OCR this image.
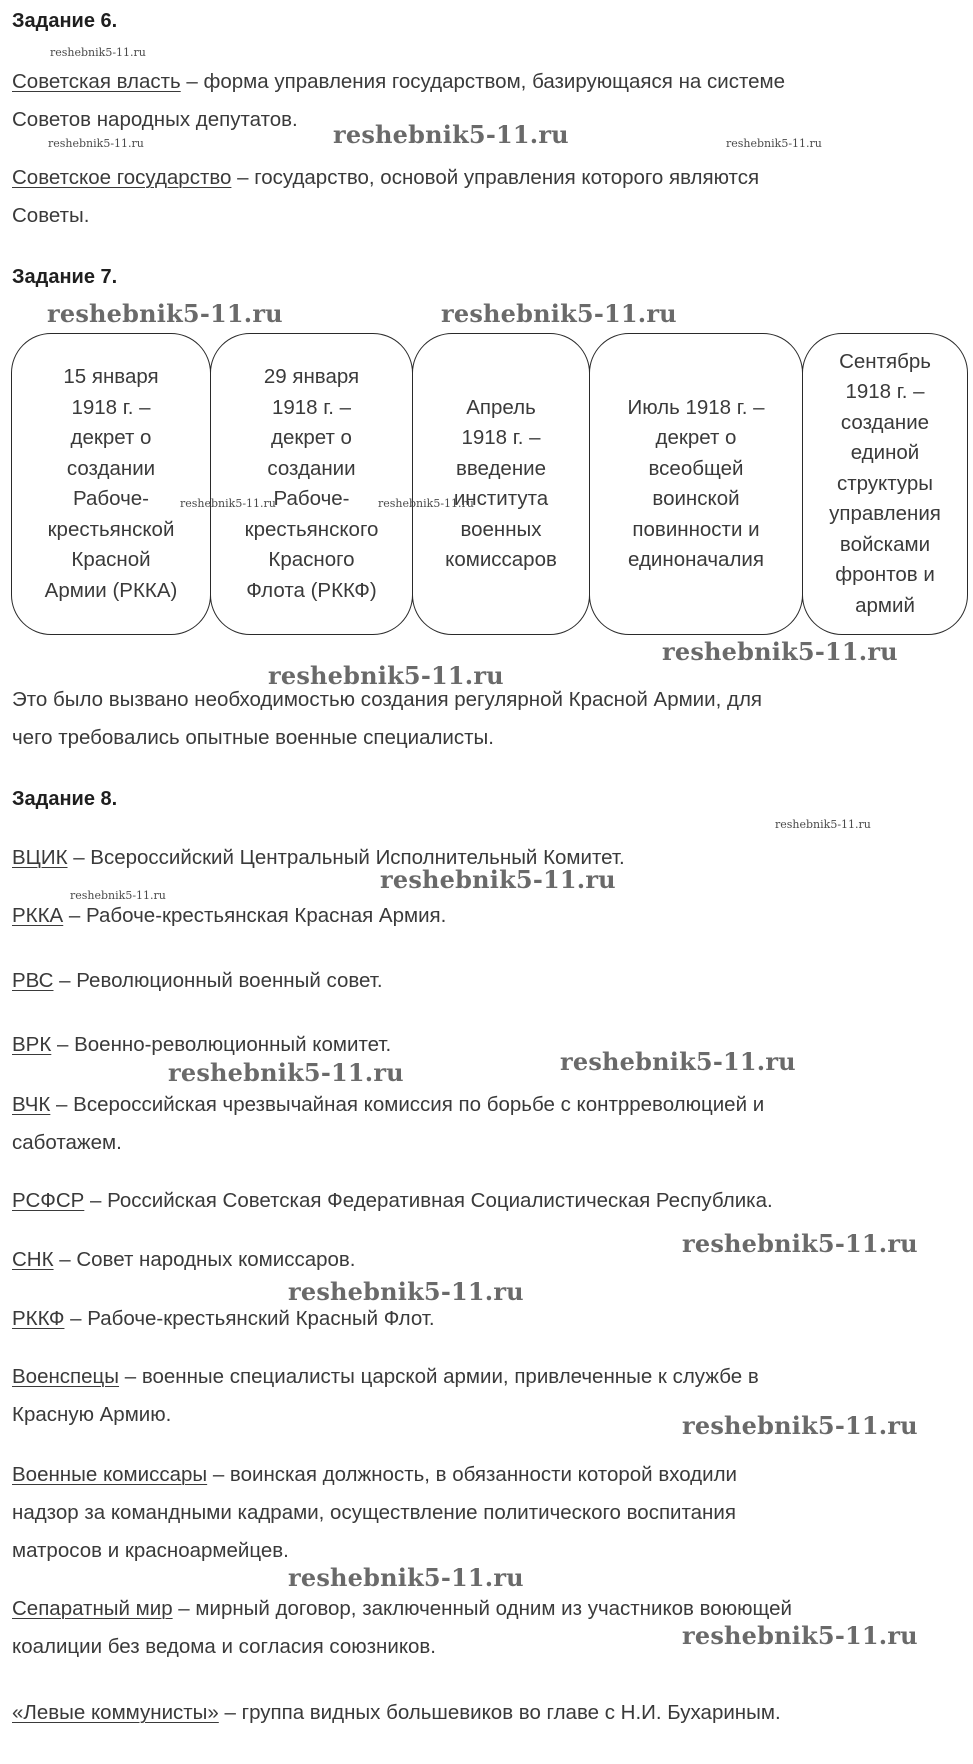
Задание 6.
Советская власть – форма управления государством, базирующаяся на системе
Советов народных депутатов.
Советское государство – государство, основой управления которого являются
Советы.
Задание 7.
15 января
1918 г. –
декрет о
создании
Рабоче-
крестьянской
Красной
Армии (РККА)
29 января
1918 г. –
декрет о
создании
Рабоче-
крестьянского
Красного
Флота (РККФ)
Апрель
1918 г. –
введение
института
военных
комиссаров
Июль 1918 г. –
декрет о
всеобщей
воинской
повинности и
единоначалия
Сентябрь
1918 г. –
создание
единой
структуры
управления
войсками
фронтов и
армий
Это было вызвано необходимостью создания регулярной Красной Армии, для
чего требовались опытные военные специалисты.
Задание 8.
ВЦИК – Всероссийский Центральный Исполнительный Комитет.
РККА – Рабоче-крестьянская Красная Армия.
РВС – Революционный военный совет.
ВРК – Военно-революционный комитет.
ВЧК – Всероссийская чрезвычайная комиссия по борьбе с контрреволюцией и
саботажем.
РСФСР – Российская Советская Федеративная Социалистическая Республика.
СНК – Совет народных комиссаров.
РККФ – Рабоче-крестьянский Красный Флот.
Военспецы – военные специалисты царской армии, привлеченные к службе в
Красную Армию.
Военные комиссары – воинская должность, в обязанности которой входили
надзор за командными кадрами, осуществление политического воспитания
матросов и красноармейцев.
Сепаратный мир – мирный договор, заключенный одним из участников воюющей
коалиции без ведома и согласия союзников.
«Левые коммунисты» – группа видных большевиков во главе с Н.И. Бухариным.
reshebnik5-11.ru
reshebnik5-11.ru	reshebnik5-11.ru
reshebnik5-11.ru	reshebnik5-11.ru
reshebnik5-11.ru
reshebnik5-11.ru
reshebnik5-11.ru
reshebnik5-11.ru	reshebnik5-11.ru
reshebnik5-11.ru
reshebnik5-11.ru
reshebnik5-11.ru
reshebnik5-11.ru
reshebnik5-11.ru
reshebnik5-11.ru
reshebnik5-11.ru
reshebnik5-11.ru
reshebnik5-11.ru
reshebnik5-11.ru
